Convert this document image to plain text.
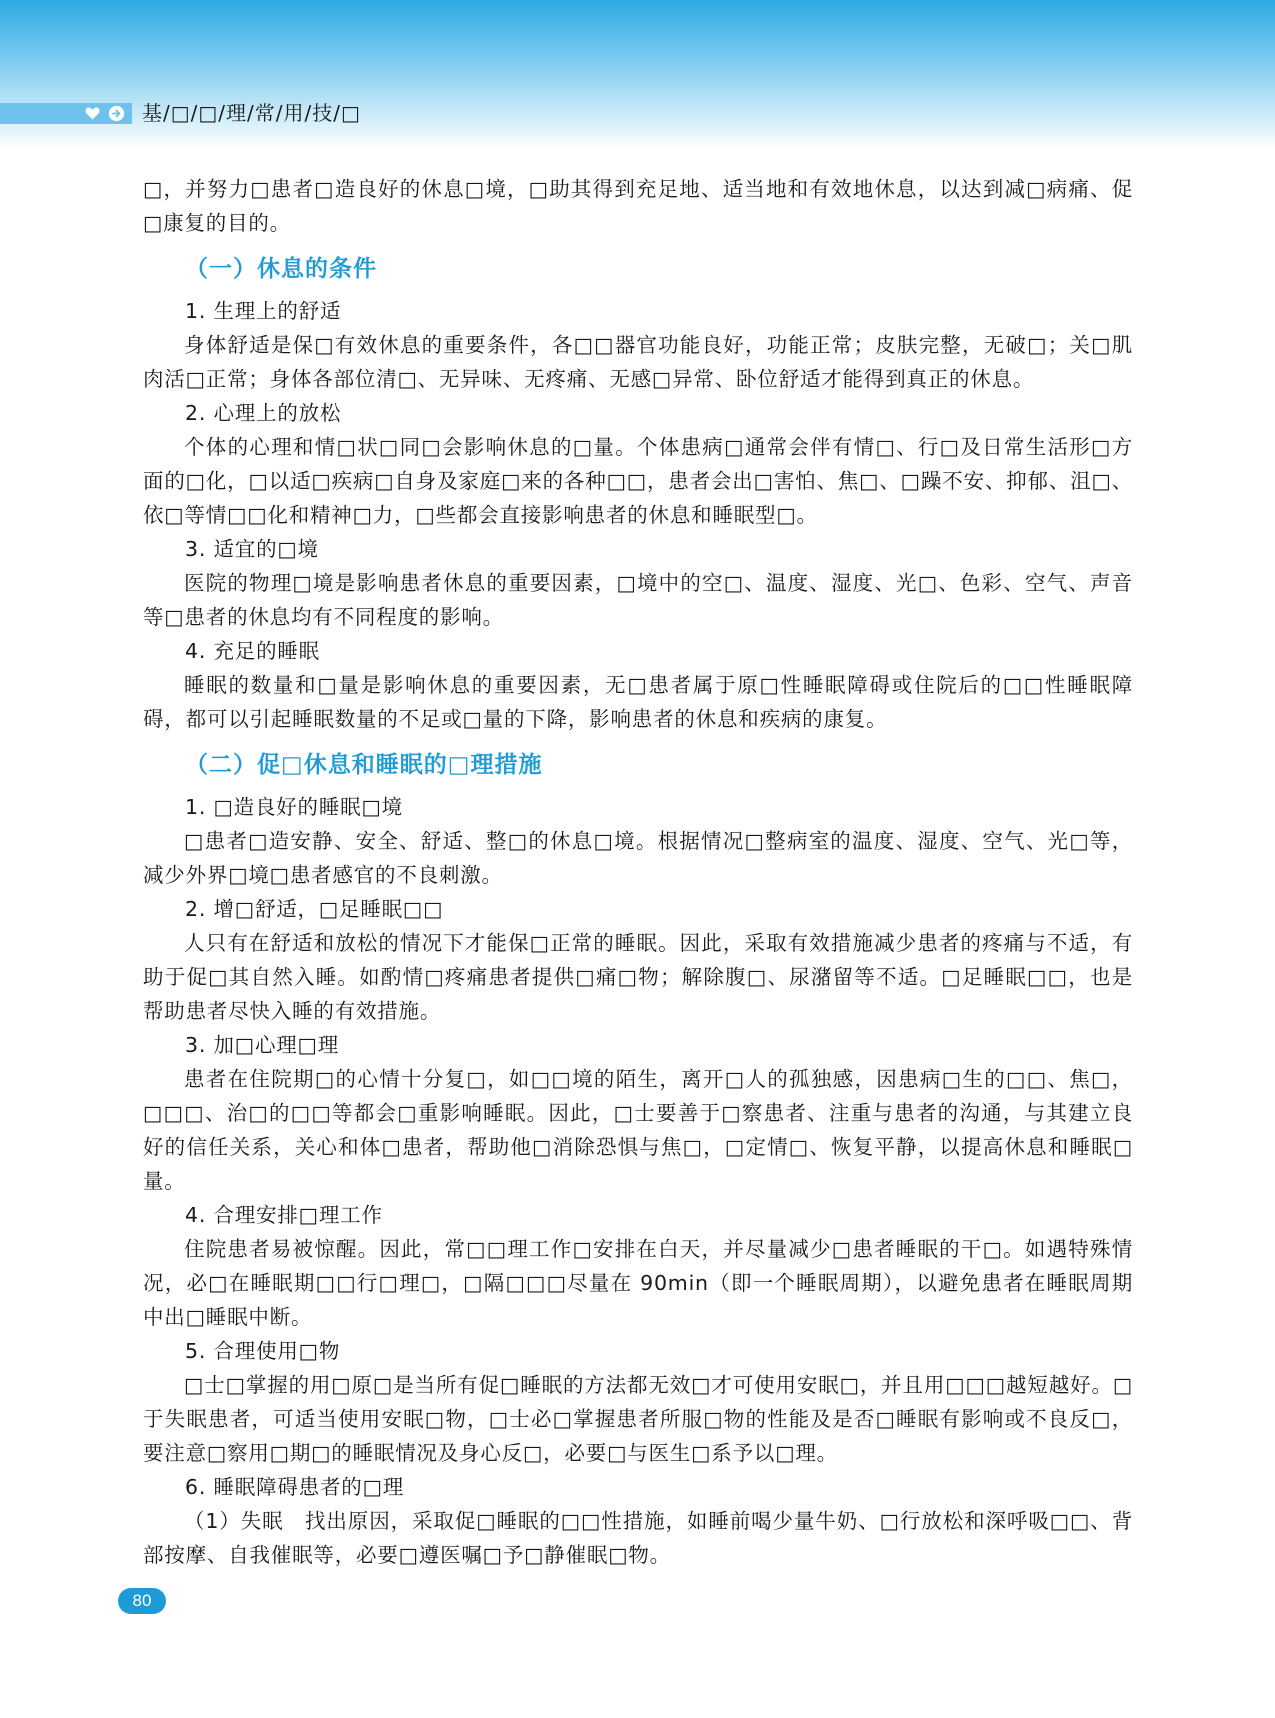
基/□/□/理/常/用/技/□

□，并努力□患者□造良好的休息□境，□助其得到充足地、适当地和有效地休息，以达到减□病痛、促□康复的目的。

（一）休息的条件

1. 生理上的舒适

身体舒适是保□有效休息的重要条件，各□□器官功能良好，功能正常；皮肤完整，无破□；关□肌肉活□正常；身体各部位清□、无异味、无疼痛、无感□异常、卧位舒适才能得到真正的休息。

2. 心理上的放松

个体的心理和情□状□同□会影响休息的□量。个体患病□通常会伴有情□、行□及日常生活形□方面的□化，□以适□疾病□自身及家庭□来的各种□□，患者会出□害怕、焦□、□躁不安、抑郁、沮□、依□等情□□化和精神□力，□些都会直接影响患者的休息和睡眠型□。

3. 适宜的□境

医院的物理□境是影响患者休息的重要因素，□境中的空□、温度、湿度、光□、色彩、空气、声音等□患者的休息均有不同程度的影响。

4. 充足的睡眠

睡眠的数量和□量是影响休息的重要因素，无□患者属于原□性睡眠障碍或住院后的□□性睡眠障碍，都可以引起睡眠数量的不足或□量的下降，影响患者的休息和疾病的康复。

（二）促□休息和睡眠的□理措施

1. □造良好的睡眠□境

□患者□造安静、安全、舒适、整□的休息□境。根据情况□整病室的温度、湿度、空气、光□等，减少外界□境□患者感官的不良刺激。

2. 增□舒适，□足睡眠□□

人只有在舒适和放松的情况下才能保□正常的睡眠。因此，采取有效措施减少患者的疼痛与不适，有助于促□其自然入睡。如酌情□疼痛患者提供□痛□物；解除腹□、尿潴留等不适。□足睡眠□□，也是帮助患者尽快入睡的有效措施。

3. 加□心理□理

患者在住院期□的心情十分复□，如□□境的陌生，离开□人的孤独感，因患病□生的□□、焦□，□□□、治□的□□等都会□重影响睡眠。因此，□士要善于□察患者、注重与患者的沟通，与其建立良好的信任关系，关心和体□患者，帮助他□消除恐惧与焦□，□定情□、恢复平静，以提高休息和睡眠□量。

4. 合理安排□理工作

住院患者易被惊醒。因此，常□□理工作□安排在白天，并尽量减少□患者睡眠的干□。如遇特殊情况，必□在睡眠期□□行□理□，□隔□□□尽量在 90min（即一个睡眠周期），以避免患者在睡眠周期中出□睡眠中断。

5. 合理使用□物

□士□掌握的用□原□是当所有促□睡眠的方法都无效□才可使用安眠□，并且用□□□越短越好。□于失眠患者，可适当使用安眠□物，□士必□掌握患者所服□物的性能及是否□睡眠有影响或不良反□，要注意□察用□期□的睡眠情况及身心反□，必要□与医生□系予以□理。

6. 睡眠障碍患者的□理

（1）失眠　找出原因，采取促□睡眠的□□性措施，如睡前喝少量牛奶、□行放松和深呼吸□□、背部按摩、自我催眠等，必要□遵医嘱□予□静催眠□物。

80
